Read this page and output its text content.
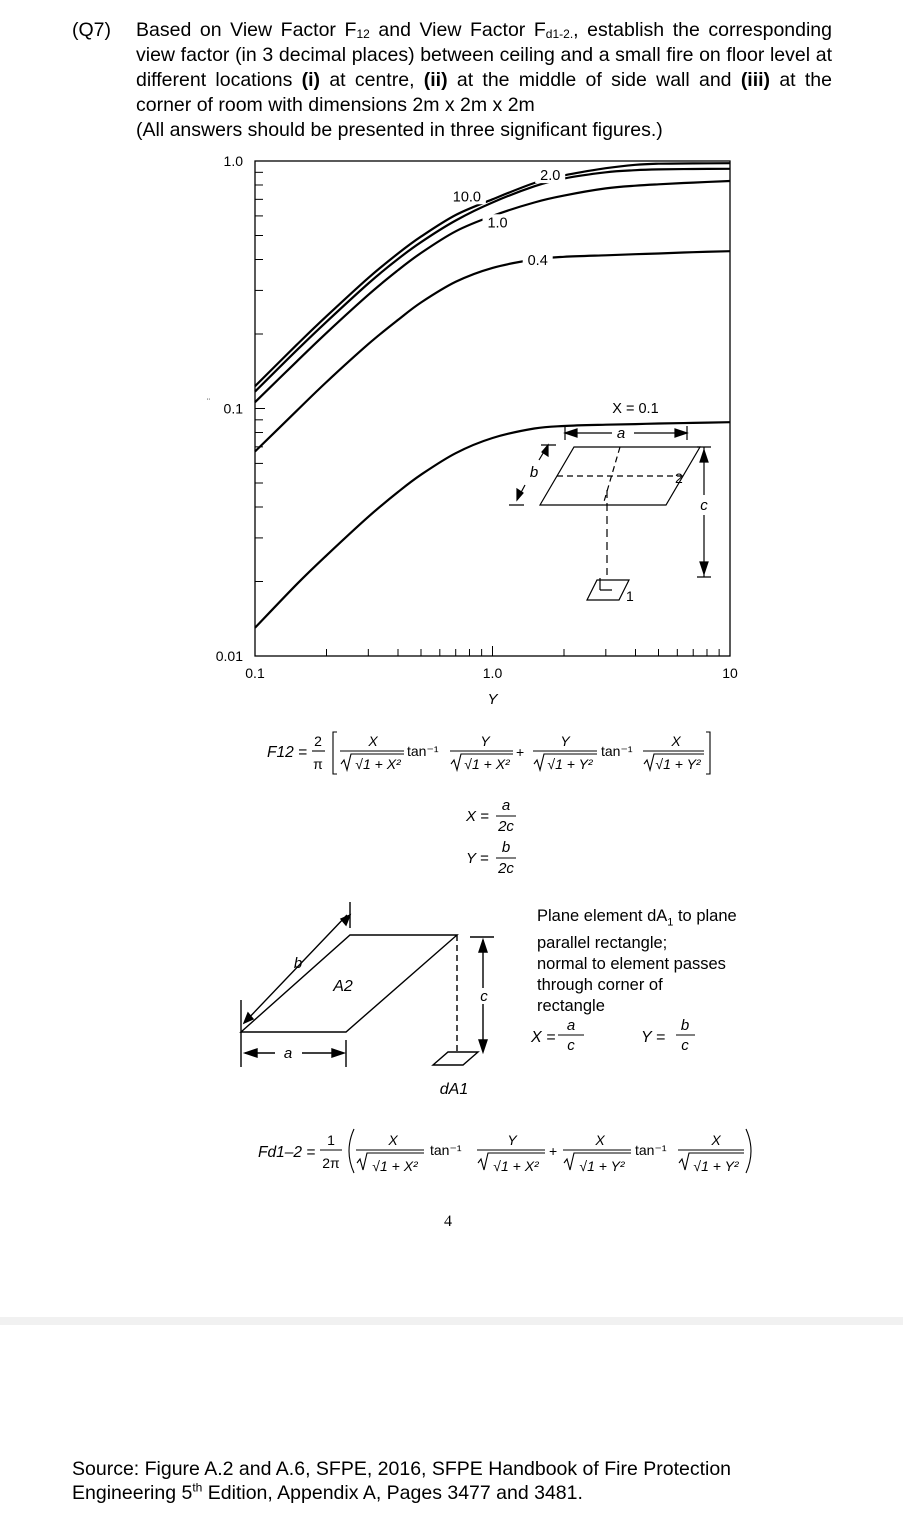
(Q7) Based on View Factor $F_{12}$ and View Factor $F_{d1-2.}$, establish the corresponding view factor (in 3 decimal places) between ceiling and a small fire on floor level at different locations (i) at centre, (ii) at the middle of side wall and (iii) at the corner of room with dimensions 2m x 2m x 2m
(All answers should be presented in three significant figures.)
0.1	1.0	10
0.01
0.1
1.0
Y
10.0
2.0
1.0
0.4
X = 0.1
a
b
c
2
1
¨
F12 =
2
π
X
√1 + X²
tan⁻¹
Y
√1 + X²
+
Y
√1 + Y²
tan⁻¹
X
√1 + Y²
X =
a
2c
Y =
b
2c
a
b
A2
c
dA1
X =
a
c	Y =
b
c
Plane element $dA_1$ to plane
parallel rectangle;
normal to element passes
through corner of
rectangle
Fd1–2 =
1
2π
X
√1 + X²
tan⁻¹
Y
√1 + X²
+
X
√1 + Y²
tan⁻¹
X
√1 + Y²
4
Source: Figure A.2 and A.6, SFPE, 2016, SFPE Handbook of Fire Protection Engineering 5th Edition, Appendix A, Pages 3477 and 3481.
